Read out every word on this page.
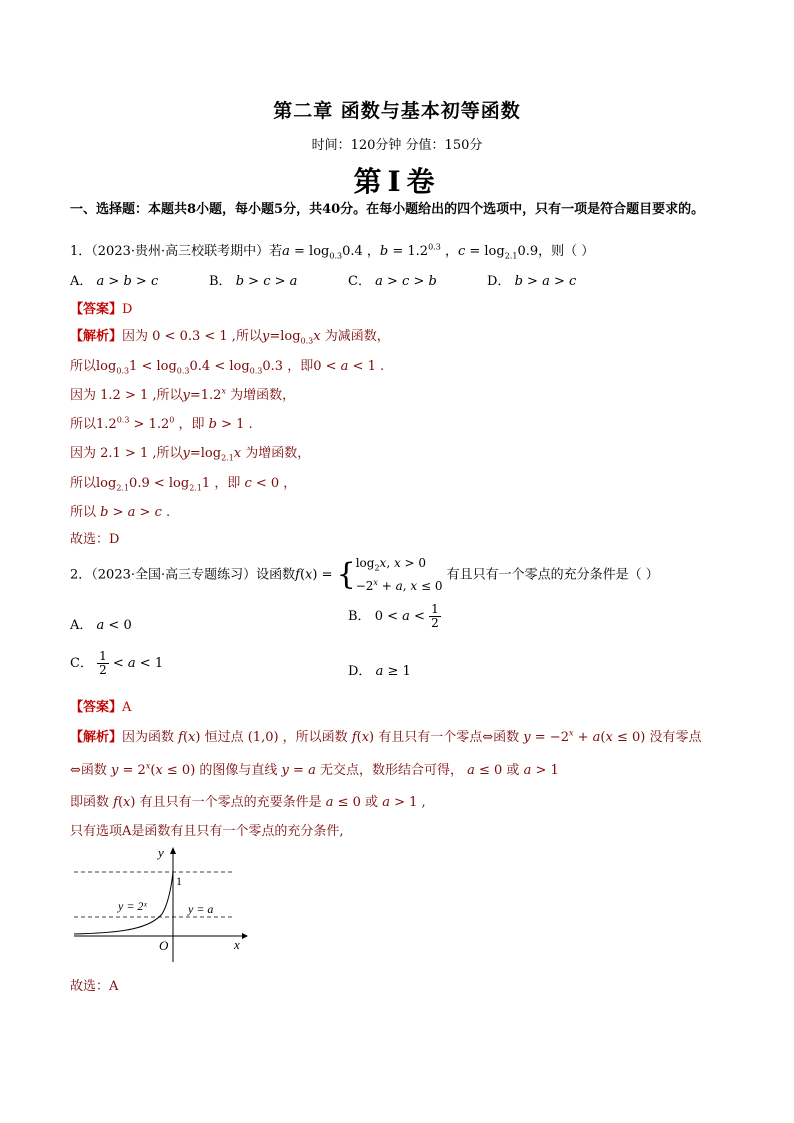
第二章 函数与基本初等函数
时间：120分钟 分值：150分
第Ⅰ卷
一、选择题：本题共8小题，每小题5分，共40分。在每小题给出的四个选项中，只有一项是符合题目要求的。
1．（2023·贵州·高三校联考期中）若$a = \log_{0.3}0.4$ ，$b = 1.2^{0.3}$ ，$c = \log_{2.1}0.9$，则（ ）
A． a > b > c	B． b > c > a	C． a > c > b	D． b > a > c
【答案】D
【解析】因为 0 < 0.3 < 1 ,所以$y=\log_{0.3}x$ 为减函数，
所以$\log_{0.3}1 < \log_{0.3}0.4 < \log_{0.3}0.3$ ，即0 < a < 1 .
因为 1.2 > 1 ,所以$y=1.2^x$ 为增函数，
所以$1.2^{0.3} > 1.2^0$ ，即 b > 1 .
因为 2.1 > 1 ,所以$y=\log_{2.1}x$ 为增函数，
所以$\log_{2.1}0.9 < \log_{2.1}1$ ，即 c < 0 ，
所以 b > a > c .
故选：D
2．（2023·全国·高三专题练习）设函数$f(x) = \{\log_2x$, x > 0
$-2^x + a$, x ≤ 0 有且只有一个零点的充分条件是（ ）
A． a < 0
B． $0 < a < \frac{1}{2}$
C． $\frac{1}{2} < a < 1$
D． a ≥ 1
【答案】A
【解析】因为函数 f(x) 恒过点 (1,0) ，所以函数 f(x) 有且只有一个零点⇔函数 $y = -2^x + a(x \le 0)$ 没有零点
⇔函数 $y = 2^x(x \le 0)$ 的图像与直线 y = a 无交点，数形结合可得， a ≤ 0 或 a > 1
即函数 f(x) 有且只有一个零点的充要条件是 a ≤ 0 或 a > 1 ,
只有选项A是函数有且只有一个零点的充分条件,
y
x
O
1
y = 2ˣ	y = a
故选：A
